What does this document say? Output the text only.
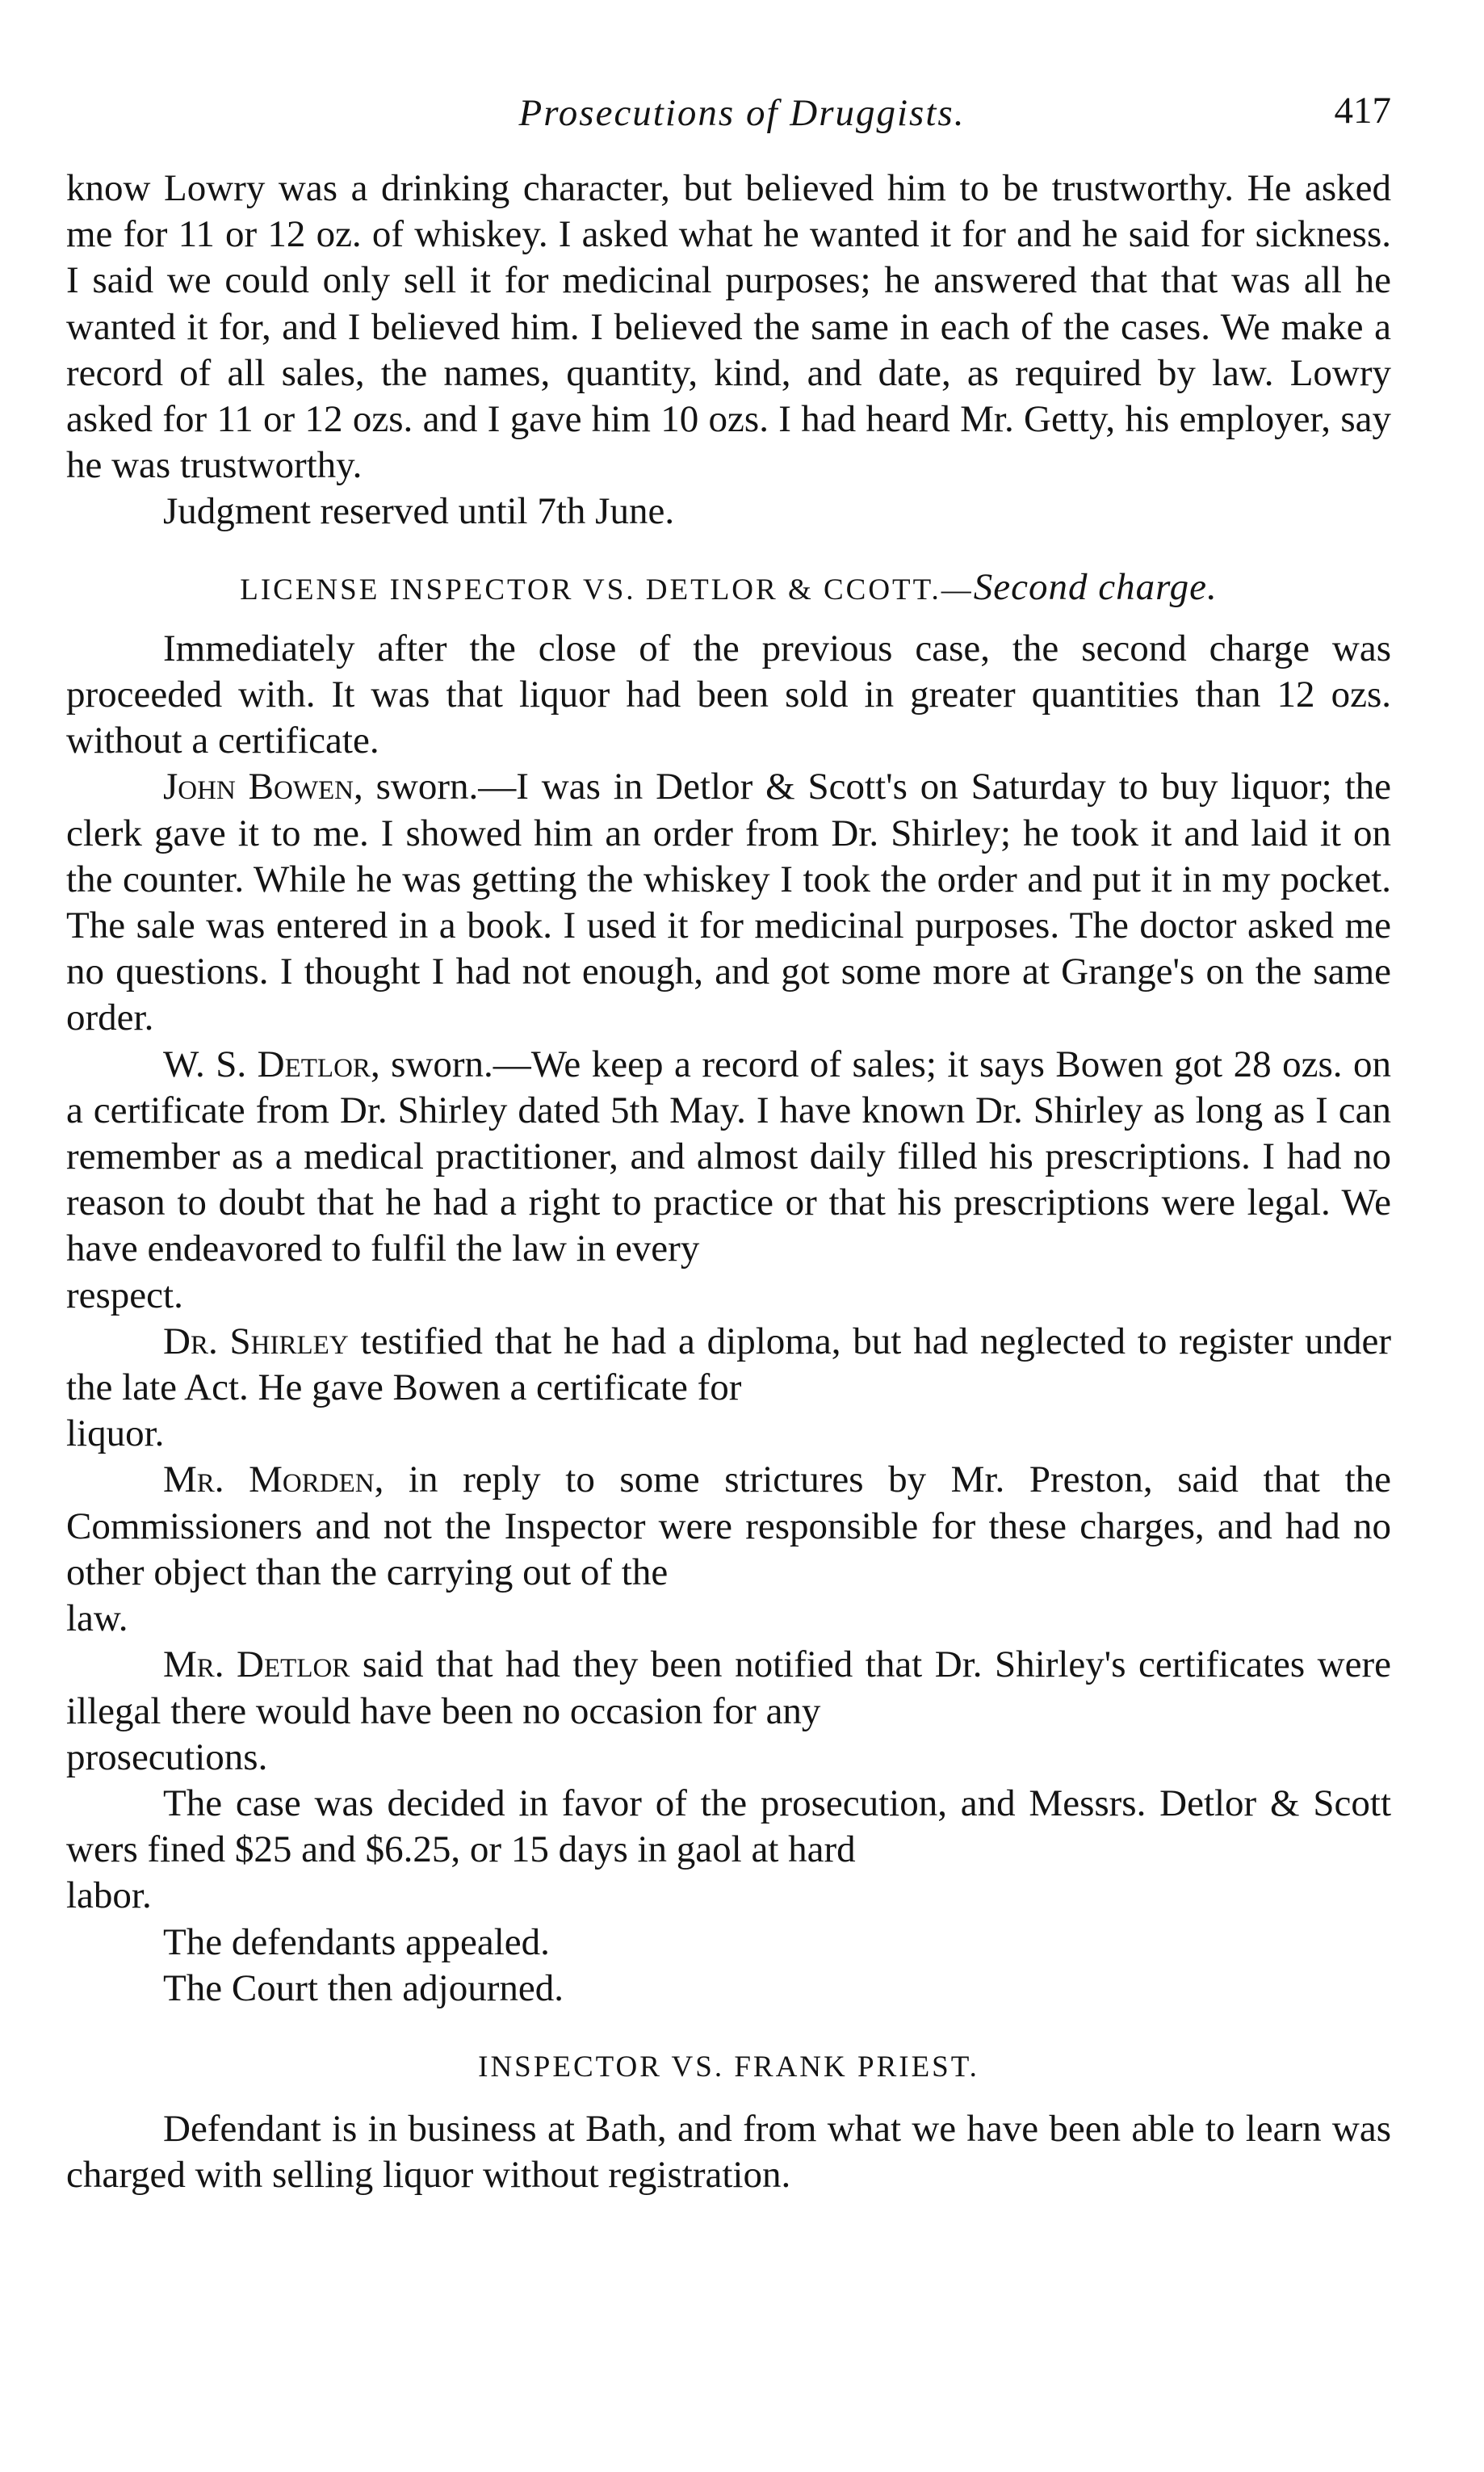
Prosecutions of Druggists.	417

know Lowry was a drinking character, but believed him to be trustworthy. He asked me for 11 or 12 oz. of whiskey. I asked what he wanted it for and he said for sickness. I said we could only sell it for medicinal purposes; he answered that that was all he wanted it for, and I believed him. I believed the same in each of the cases. We make a record of all sales, the names, quantity, kind, and date, as required by law. Lowry asked for 11 or 12 ozs. and I gave him 10 ozs. I had heard Mr. Getty, his employer, say he was trustworthy.

Judgment reserved until 7th June.

LICENSE INSPECTOR VS. DETLOR & CCOTT.—Second charge.

Immediately after the close of the previous case, the second charge was proceeded with. It was that liquor had been sold in greater quantities than 12 ozs. without a certificate.

John Bowen, sworn.—I was in Detlor & Scott's on Saturday to buy liquor; the clerk gave it to me. I showed him an order from Dr. Shirley; he took it and laid it on the counter. While he was getting the whiskey I took the order and put it in my pocket. The sale was entered in a book. I used it for medicinal purposes. The doctor asked me no questions. I thought I had not enough, and got some more at Grange's on the same order.

W. S. Detlor, sworn.—We keep a record of sales; it says Bowen got 28 ozs. on a certificate from Dr. Shirley dated 5th May. I have known Dr. Shirley as long as I can remember as a medical practitioner, and almost daily filled his prescriptions. I had no reason to doubt that he had a right to practice or that his prescriptions were legal. We have endeavored to fulfil the law in every

respect.

Dr. Shirley testified that he had a diploma, but had neglected to register under the late Act. He gave Bowen a certificate for

liquor.

Mr. Morden, in reply to some strictures by Mr. Preston, said that the Commissioners and not the Inspector were responsible for these charges, and had no other object than the carrying out of the

law.

Mr. Detlor said that had they been notified that Dr. Shirley's certificates were illegal there would have been no occasion for any

prosecutions.

The case was decided in favor of the prosecution, and Messrs. Detlor & Scott wers fined $25 and $6.25, or 15 days in gaol at hard

labor.

The defendants appealed.

The Court then adjourned.

INSPECTOR VS. FRANK PRIEST.

Defendant is in business at Bath, and from what we have been able to learn was charged with selling liquor without registration.
